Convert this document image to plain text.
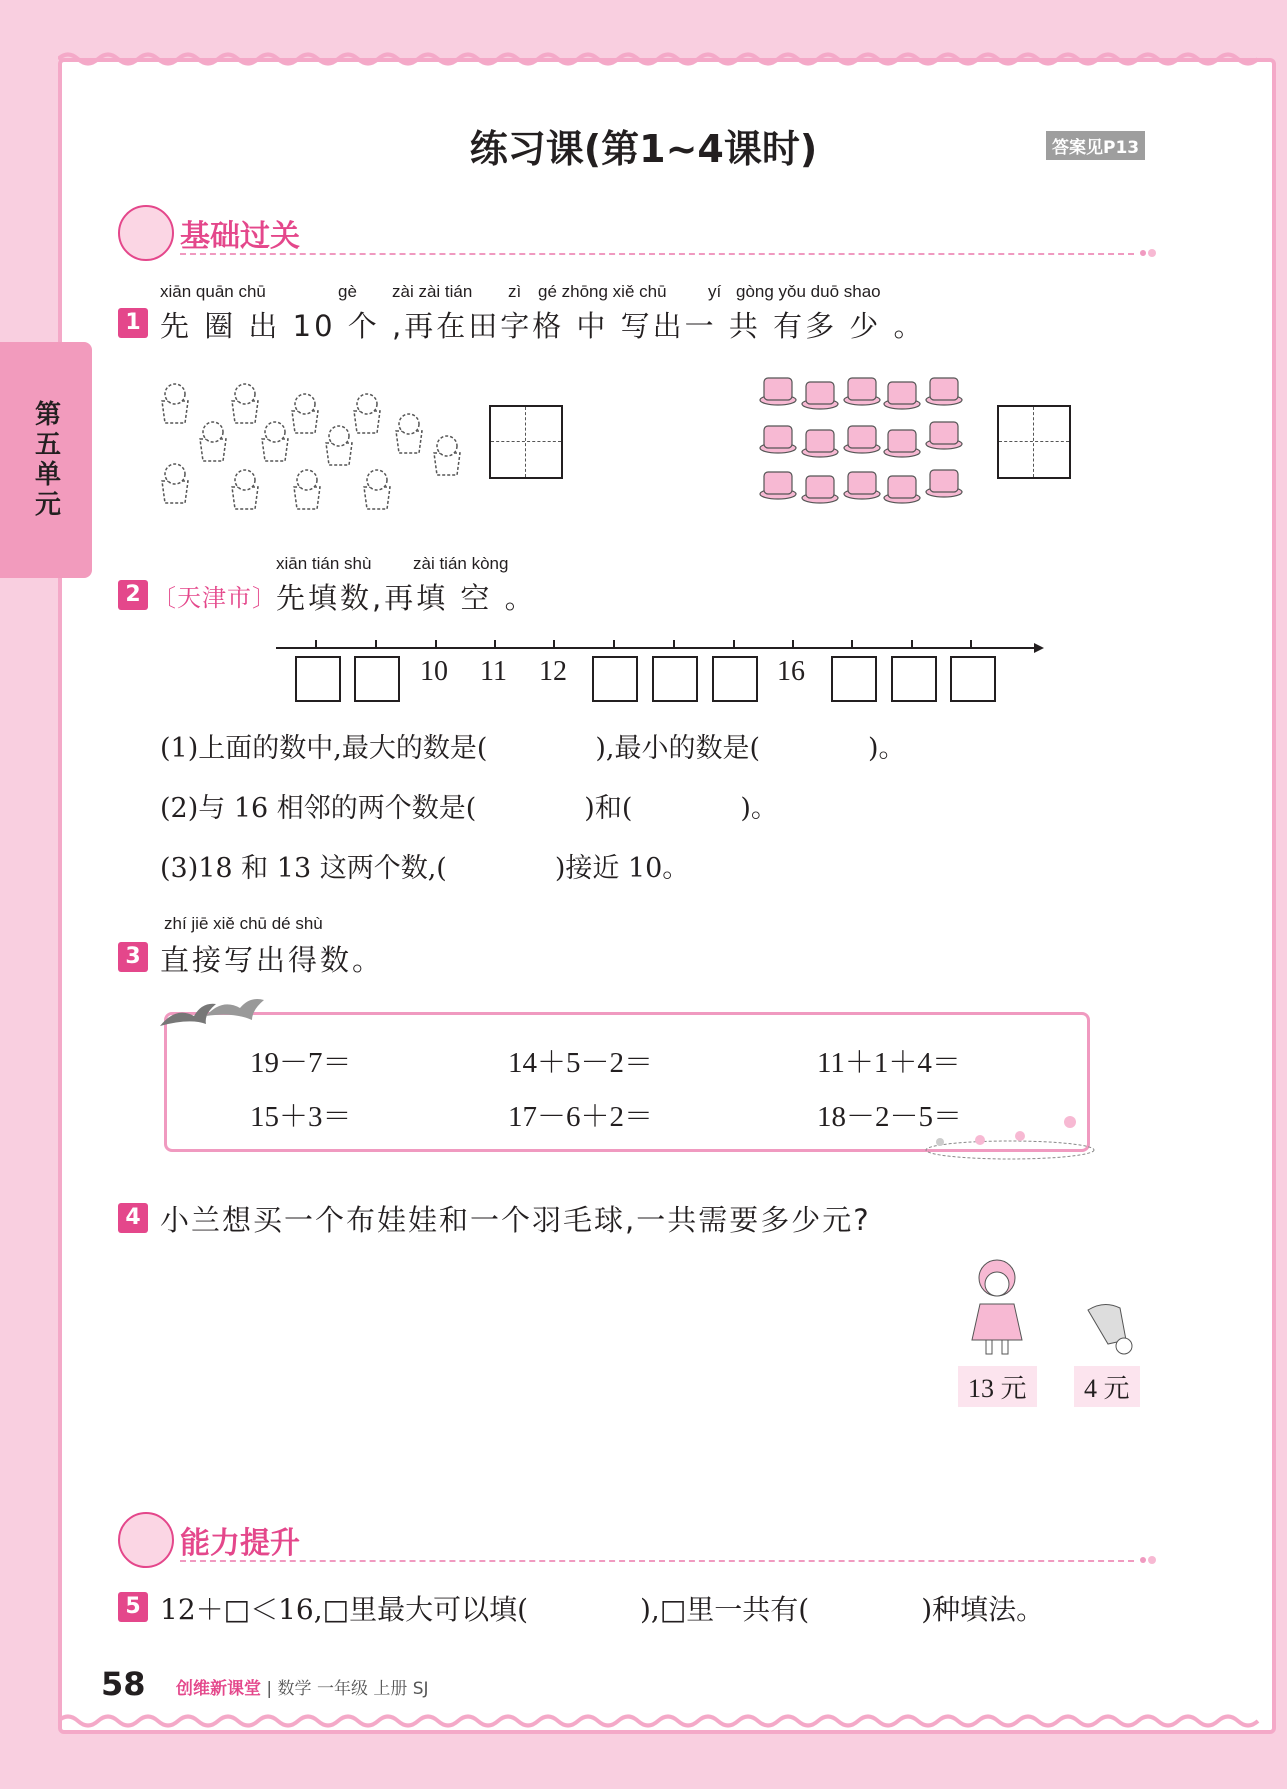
第五单元
练习课(第1~4课时)	答案见P13
基础过关
xiān quān chū	gè zài zài tián zì gé zhōng xiě chū yí gòng yǒu duō shao
1 先 圈 出 10 个 ,再在田字格 中 写出一 共 有多 少 。
xiān tián shù zài tián kòng
2 〔天津市〕 先填数,再填 空 。
10 11 12	16
(1)上面的数中,最大的数是(　　　　),最小的数是(　　　　)。
(2)与 16 相邻的两个数是(　　　　)和(　　　　)。
(3)18 和 13 这两个数,(　　　　)接近 10。
zhí jiē xiě chū dé shù
3 直接写出得数。
19－7＝	14＋5－2＝	11＋1＋4＝
15＋3＝	17－6＋2＝	18－2－5＝
4 小兰想买一个布娃娃和一个羽毛球,一共需要多少元?
13 元	4 元
能力提升
5 12＋□＜16,□里最大可以填(　　　　),□里一共有(　　　　)种填法。
58 创维新课堂 | 数学 一年级 上册 SJ
